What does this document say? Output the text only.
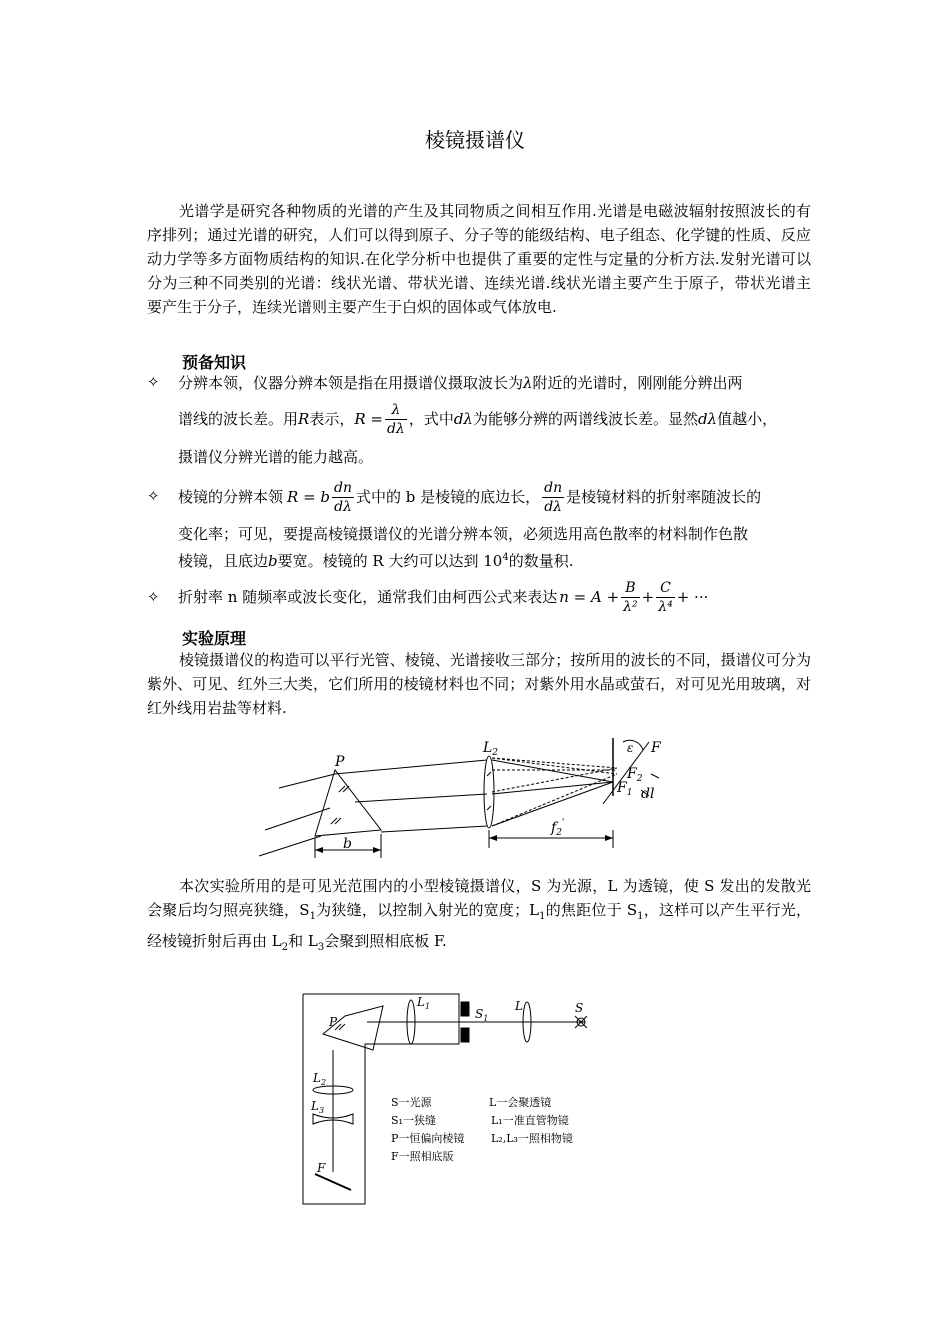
棱镜摄谱仪
光谱学是研究各种物质的光谱的产生及其同物质之间相互作用.光谱是电磁波辐射按照波长的有序排列；通过光谱的研究，人们可以得到原子、分子等的能级结构、电子组态、化学键的性质、反应动力学等多方面物质结构的知识.在化学分析中也提供了重要的定性与定量的分析方法.发射光谱可以分为三种不同类别的光谱：线状光谱、带状光谱、连续光谱.线状光谱主要产生于原子，带状光谱主要产生于分子，连续光谱则主要产生于白炽的固体或气体放电.
预备知识
✧ 分辨本领，仪器分辨本领是指在用摄谱仪摄取波长为λ附近的光谱时，刚刚能分辨出两
谱线的波长差。用 R 表示， $R = \frac{\lambda}{d\lambda}$ ，式中 dλ 为能够分辨的两谱线波长差。显然 dλ 值越小，
摄谱仪分辨光谱的能力越高。
✧ 棱镜的分辨本领 R = b $\frac{dn}{d\lambda}$ 式中的 b 是棱镜的底边长， $\frac{dn}{d\lambda}$ 是棱镜材料的折射率随波长的
变化率；可见，要提高棱镜摄谱仪的光谱分辨本领，必须选用高色散率的材料制作色散
棱镜，且底边b要宽。棱镜的 R 大约可以达到 $10^4$的数量积.
✧ 折射率 n 随频率或波长变化，通常我们由柯西公式来表达 $n = A + \frac{B}{\text{λ²}} + \frac{C}{\text{λ⁴}}$ + ···
实验原理
棱镜摄谱仪的构造可以平行光管、棱镜、光谱接收三部分；按所用的波长的不同，摄谱仪可分为紫外、可见、红外三大类，它们所用的棱镜材料也不同；对紫外用水晶或萤石，对可见光用玻璃，对红外线用岩盐等材料.
P
$L_2$	F
ε
$F_2$
$F_1$ dl
b
$f_2'$
本次实验所用的是可见光范围内的小型棱镜摄谱仪，S 为光源，L 为透镜，使 S 发出的发散光会聚后均匀照亮狭缝，$S_1$为狭缝，以控制入射光的宽度；$L_1$的焦距位于 $S_1$，这样可以产生平行光，经棱镜折射后再由 $L_2$和 $L_3$会聚到照相底板 F.
P
$L_1$
$S_1$
L	S
$L_2$
$L_3$
F
S一光源	L一会聚透镜
S₁一狭缝	L₁一准直管物镜
P一恒偏向棱镜 L₂,L₃一照相物镜
F一照相底版
